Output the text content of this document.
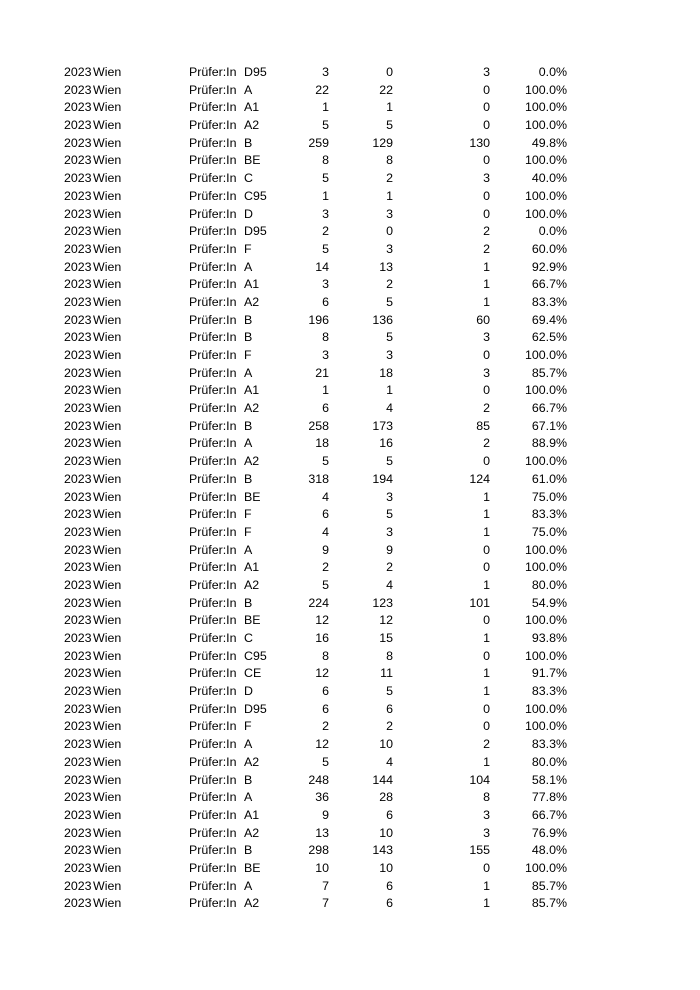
2023 Wien	Prüfer:In D95	3	0	3	0.0%
2023 Wien	Prüfer:In A	22	22	0	100.0%
2023 Wien	Prüfer:In A1	1	1	0	100.0%
2023 Wien	Prüfer:In A2	5	5	0	100.0%
2023 Wien	Prüfer:In B	259	129	130	49.8%
2023 Wien	Prüfer:In BE	8	8	0	100.0%
2023 Wien	Prüfer:In C	5	2	3	40.0%
2023 Wien	Prüfer:In C95	1	1	0	100.0%
2023 Wien	Prüfer:In D	3	3	0	100.0%
2023 Wien	Prüfer:In D95	2	0	2	0.0%
2023 Wien	Prüfer:In F	5	3	2	60.0%
2023 Wien	Prüfer:In A	14	13	1	92.9%
2023 Wien	Prüfer:In A1	3	2	1	66.7%
2023 Wien	Prüfer:In A2	6	5	1	83.3%
2023 Wien	Prüfer:In B	196	136	60	69.4%
2023 Wien	Prüfer:In B	8	5	3	62.5%
2023 Wien	Prüfer:In F	3	3	0	100.0%
2023 Wien	Prüfer:In A	21	18	3	85.7%
2023 Wien	Prüfer:In A1	1	1	0	100.0%
2023 Wien	Prüfer:In A2	6	4	2	66.7%
2023 Wien	Prüfer:In B	258	173	85	67.1%
2023 Wien	Prüfer:In A	18	16	2	88.9%
2023 Wien	Prüfer:In A2	5	5	0	100.0%
2023 Wien	Prüfer:In B	318	194	124	61.0%
2023 Wien	Prüfer:In BE	4	3	1	75.0%
2023 Wien	Prüfer:In F	6	5	1	83.3%
2023 Wien	Prüfer:In F	4	3	1	75.0%
2023 Wien	Prüfer:In A	9	9	0	100.0%
2023 Wien	Prüfer:In A1	2	2	0	100.0%
2023 Wien	Prüfer:In A2	5	4	1	80.0%
2023 Wien	Prüfer:In B	224	123	101	54.9%
2023 Wien	Prüfer:In BE	12	12	0	100.0%
2023 Wien	Prüfer:In C	16	15	1	93.8%
2023 Wien	Prüfer:In C95	8	8	0	100.0%
2023 Wien	Prüfer:In CE	12	11	1	91.7%
2023 Wien	Prüfer:In D	6	5	1	83.3%
2023 Wien	Prüfer:In D95	6	6	0	100.0%
2023 Wien	Prüfer:In F	2	2	0	100.0%
2023 Wien	Prüfer:In A	12	10	2	83.3%
2023 Wien	Prüfer:In A2	5	4	1	80.0%
2023 Wien	Prüfer:In B	248	144	104	58.1%
2023 Wien	Prüfer:In A	36	28	8	77.8%
2023 Wien	Prüfer:In A1	9	6	3	66.7%
2023 Wien	Prüfer:In A2	13	10	3	76.9%
2023 Wien	Prüfer:In B	298	143	155	48.0%
2023 Wien	Prüfer:In BE	10	10	0	100.0%
2023 Wien	Prüfer:In A	7	6	1	85.7%
2023 Wien	Prüfer:In A2	7	6	1	85.7%
